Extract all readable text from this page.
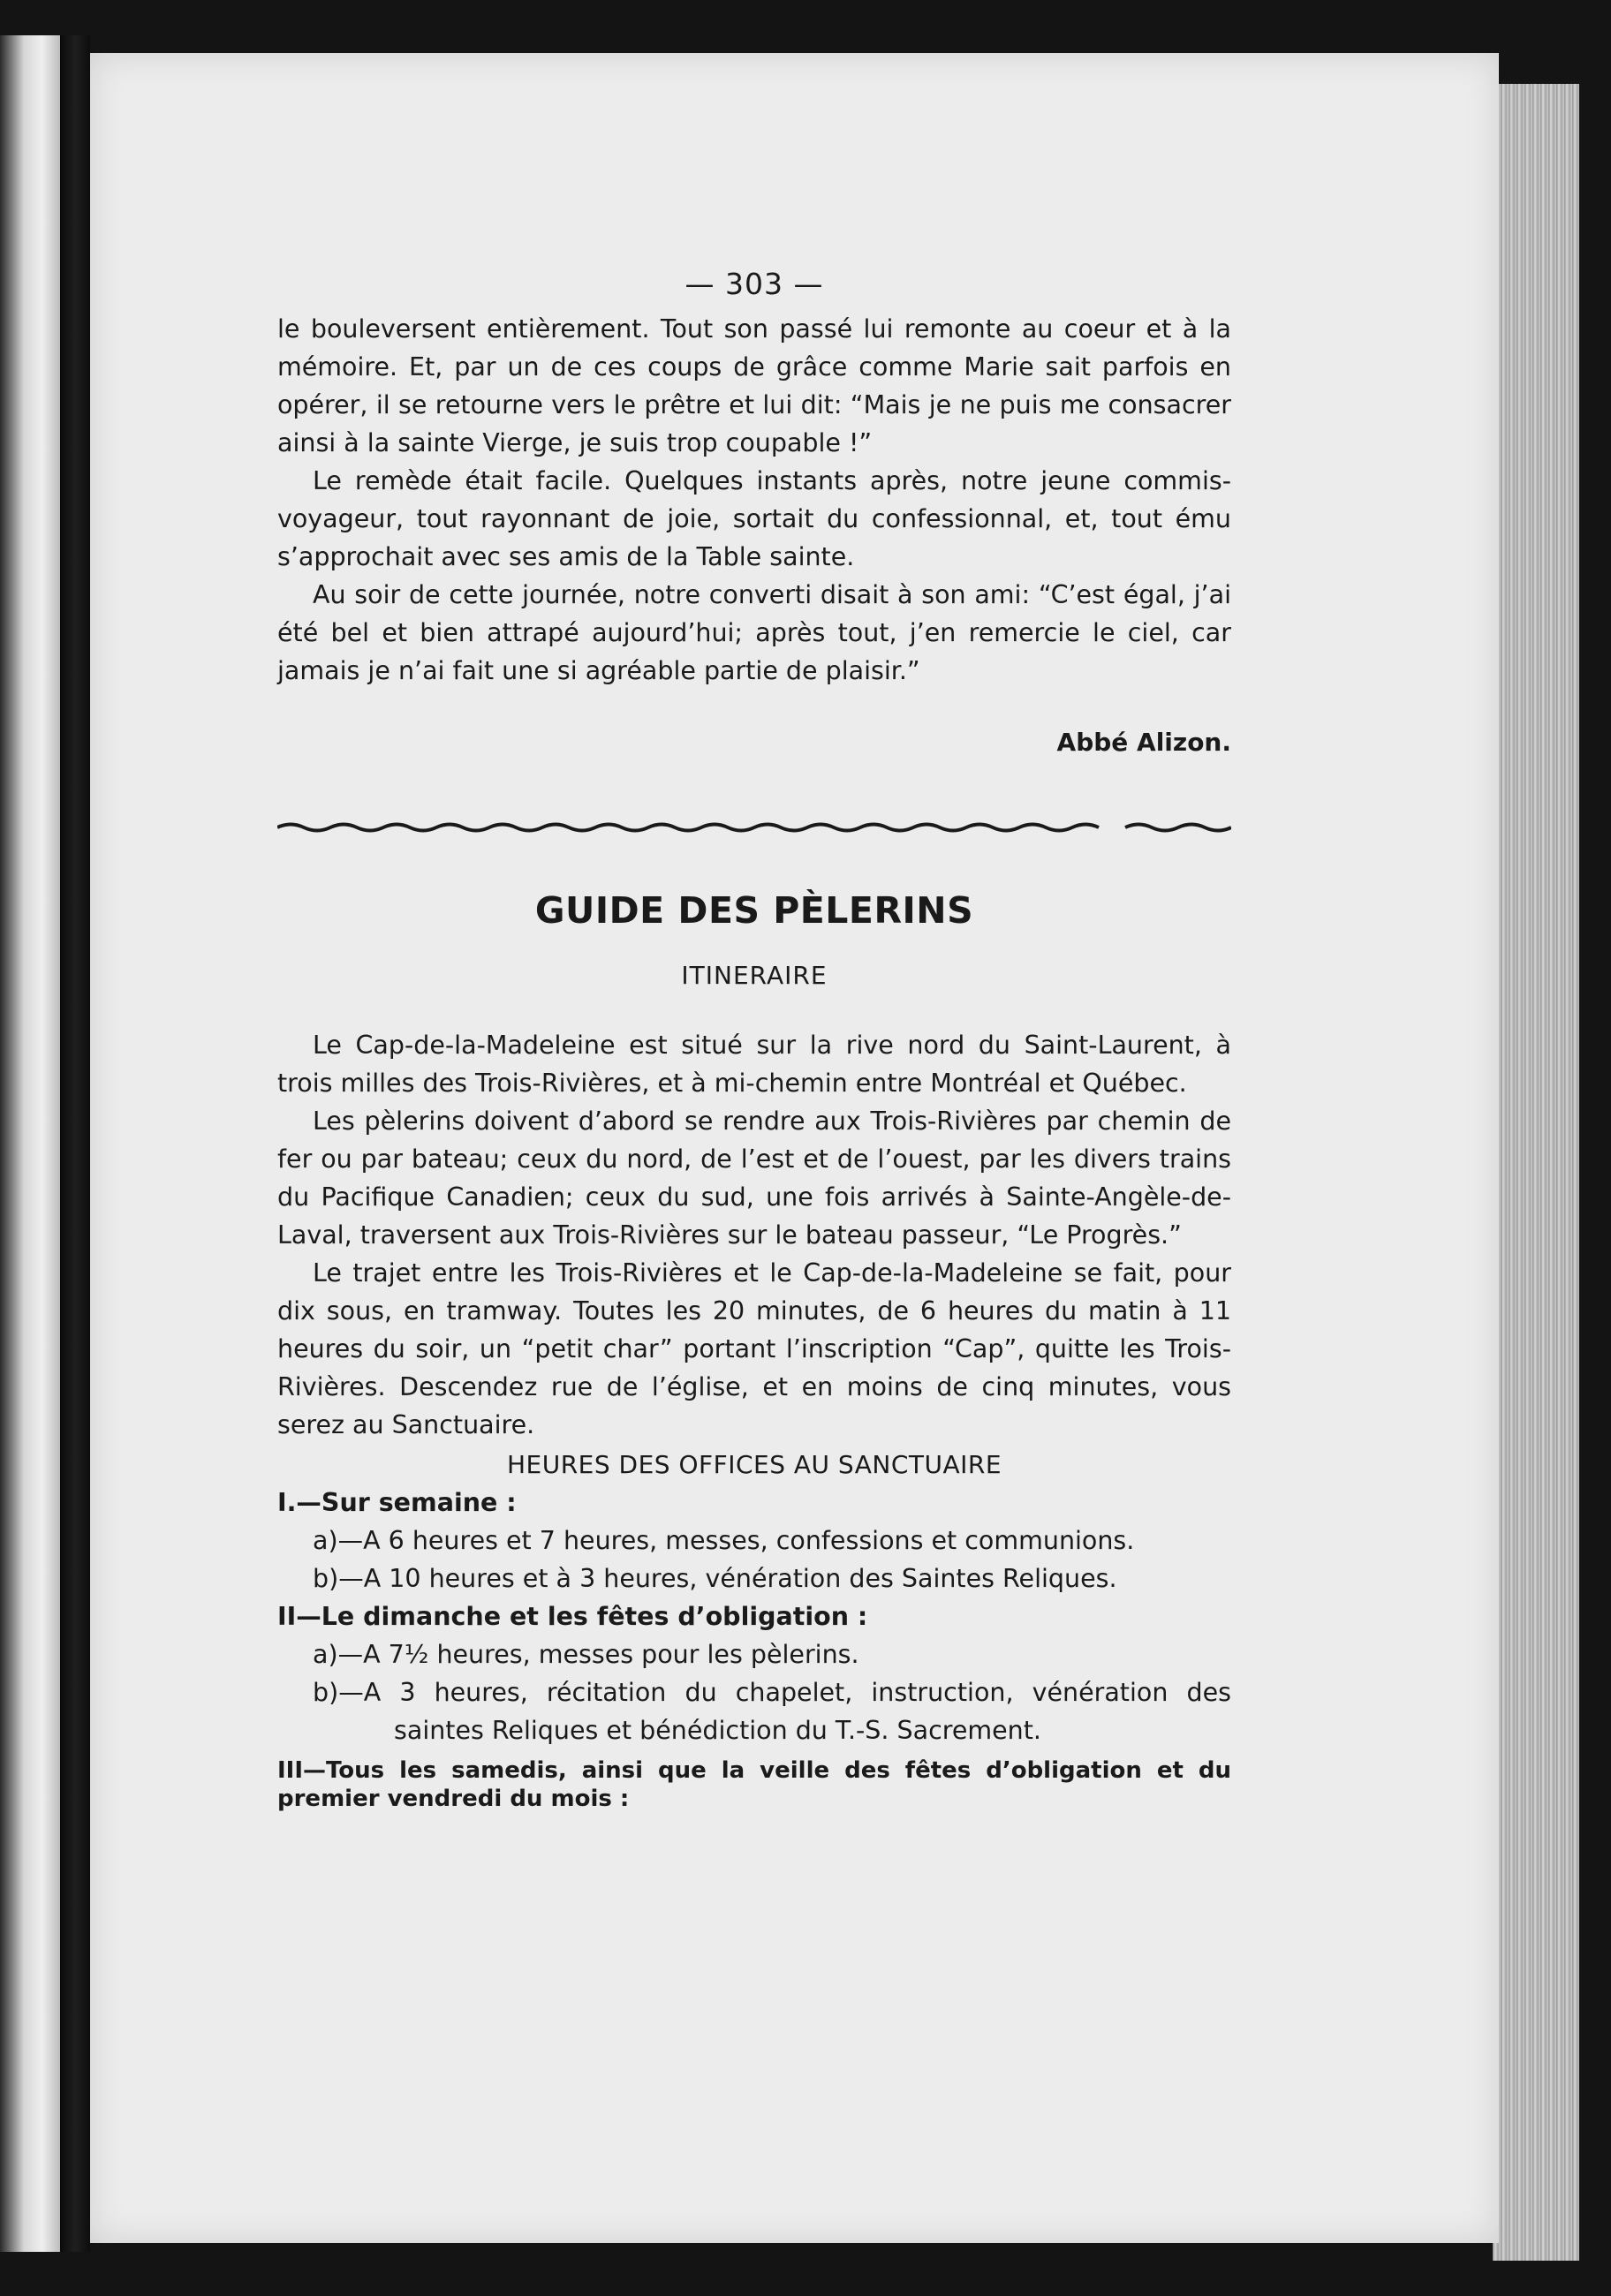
— 303 —

le bouleversent entièrement. Tout son passé lui remonte au coeur et à la mémoire. Et, par un de ces coups de grâce comme Marie sait parfois en opérer, il se retourne vers le prêtre et lui dit: “Mais je ne puis me consacrer ainsi à la sainte Vierge, je suis trop coupable !”

Le remède était facile. Quelques instants après, notre jeune commis-voyageur, tout rayonnant de joie, sortait du confessionnal, et, tout ému s’approchait avec ses amis de la Table sainte.

Au soir de cette journée, notre converti disait à son ami: “C’est égal, j’ai été bel et bien attrapé aujourd’hui; après tout, j’en remercie le ciel, car jamais je n’ai fait une si agréable partie de plaisir.”

Abbé Alizon.
GUIDE DES PÈLERINS
ITINERAIRE

Le Cap-de-la-Madeleine est situé sur la rive nord du Saint-Laurent, à trois milles des Trois-Rivières, et à mi-chemin entre Montréal et Québec.

Les pèlerins doivent d’abord se rendre aux Trois-Rivières par chemin de fer ou par bateau; ceux du nord, de l’est et de l’ouest, par les divers trains du Pacifique Canadien; ceux du sud, une fois arrivés à Sainte-Angèle-de-Laval, traversent aux Trois-Rivières sur le bateau passeur, “Le Progrès.”

Le trajet entre les Trois-Rivières et le Cap-de-la-Madeleine se fait, pour dix sous, en tramway. Toutes les 20 minutes, de 6 heures du matin à 11 heures du soir, un “petit char” portant l’inscription “Cap”, quitte les Trois-Rivières. Descendez rue de l’église, et en moins de cinq minutes, vous serez au Sanctuaire.

HEURES DES OFFICES AU SANCTUAIRE

I.—Sur semaine :

a)—A 6 heures et 7 heures, messes, confessions et communions.

b)—A 10 heures et à 3 heures, vénération des Saintes Reliques.

II—Le dimanche et les fêtes d’obligation :

a)—A 7½ heures, messes pour les pèlerins.

b)—A 3 heures, récitation du chapelet, instruction, vénération des saintes Reliques et bénédiction du T.-S. Sacrement.

III—Tous les samedis, ainsi que la veille des fêtes d’obligation et du premier vendredi du mois :
